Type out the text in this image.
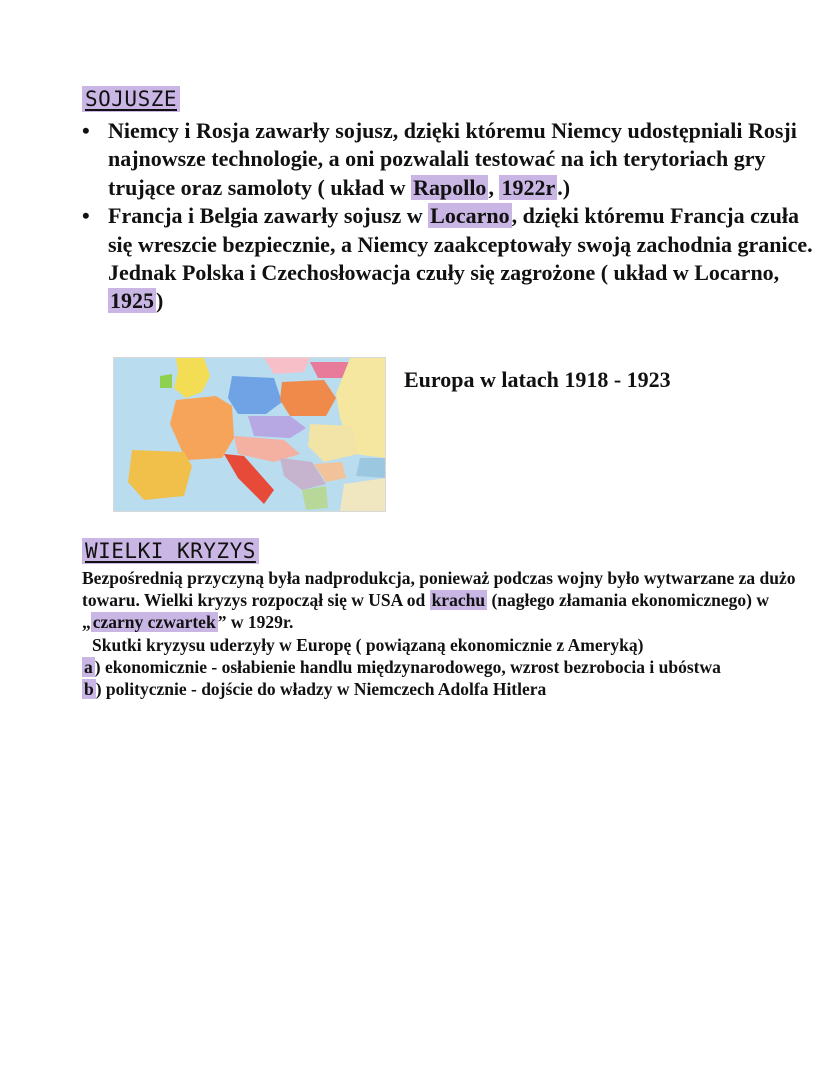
SOJUSZE
• Niemcy i Rosja zawarły sojusz, dzięki któremu Niemcy udostępniali Rosji najnowsze technologie, a oni pozwalali testować na ich terytoriach gry trujące oraz samoloty ( układ w Rapollo, 1922r.)
• Francja i Belgia zawarły sojusz w Locarno, dzięki któremu Francja czuła się wreszcie bezpiecznie, a Niemcy zaakceptowały swoją zachodnia granice. Jednak Polska i Czechosłowacja czuły się zagrożone ( układ w Locarno, 1925)
Europa w latach 1918 - 1923
WIELKI KRYZYS

Bezpośrednią przyczyną była nadprodukcja, ponieważ podczas wojny było wytwarzane za dużo towaru. Wielki kryzys rozpoczął się w USA od krachu (nagłego złamania ekonomicznego) w „ czarny czwartek ” w 1929r.

Skutki kryzysu uderzyły w Europę ( powiązaną ekonomicznie z Ameryką)

a ) ekonomicznie - osłabienie handlu międzynarodowego, wzrost bezrobocia i ubóstwa

b ) politycznie - dojście do władzy w Niemczech Adolfa Hitlera
